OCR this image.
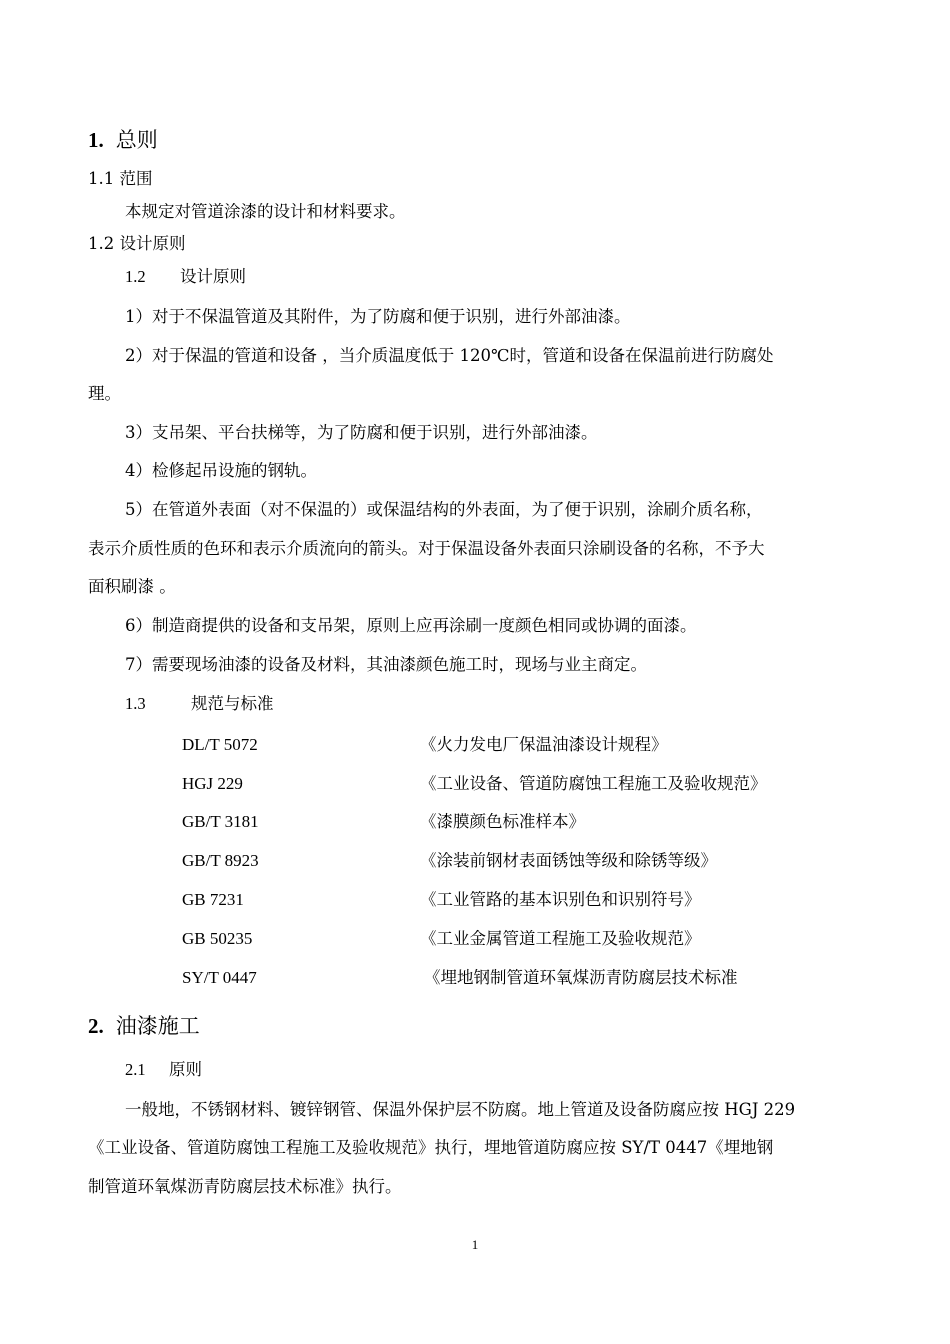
1. 总则
1.1 范围
本规定对管道涂漆的设计和材料要求。
1.2 设计原则
1.2 设计原则
1）对于不保温管道及其附件，为了防腐和便于识别，进行外部油漆。
2）对于保温的管道和设备 ，当介质温度低于 120℃时，管道和设备在保温前进行防腐处
理。
3）支吊架、平台扶梯等，为了防腐和便于识别，进行外部油漆。
4）检修起吊设施的钢轨。
5）在管道外表面（对不保温的）或保温结构的外表面，为了便于识别，涂刷介质名称，
表示介质性质的色环和表示介质流向的箭头。对于保温设备外表面只涂刷设备的名称，不予大
面积刷漆 。
6）制造商提供的设备和支吊架，原则上应再涂刷一度颜色相同或协调的面漆。
7）需要现场油漆的设备及材料，其油漆颜色施工时，现场与业主商定。
1.3	规范与标准
DL/T 5072	《火力发电厂保温油漆设计规程》
HGJ 229	《工业设备、管道防腐蚀工程施工及验收规范》
GB/T 3181	《漆膜颜色标准样本》
GB/T 8923	《涂装前钢材表面锈蚀等级和除锈等级》
GB 7231	《工业管路的基本识别色和识别符号》
GB 50235	《工业金属管道工程施工及验收规范》
SY/T 0447	《埋地钢制管道环氧煤沥青防腐层技术标准
2. 油漆施工
2.1 原则
一般地，不锈钢材料、镀锌钢管、保温外保护层不防腐。地上管道及设备防腐应按 HGJ 229
《工业设备、管道防腐蚀工程施工及验收规范》执行，埋地管道防腐应按 SY/T 0447《埋地钢
制管道环氧煤沥青防腐层技术标准》执行。
1
